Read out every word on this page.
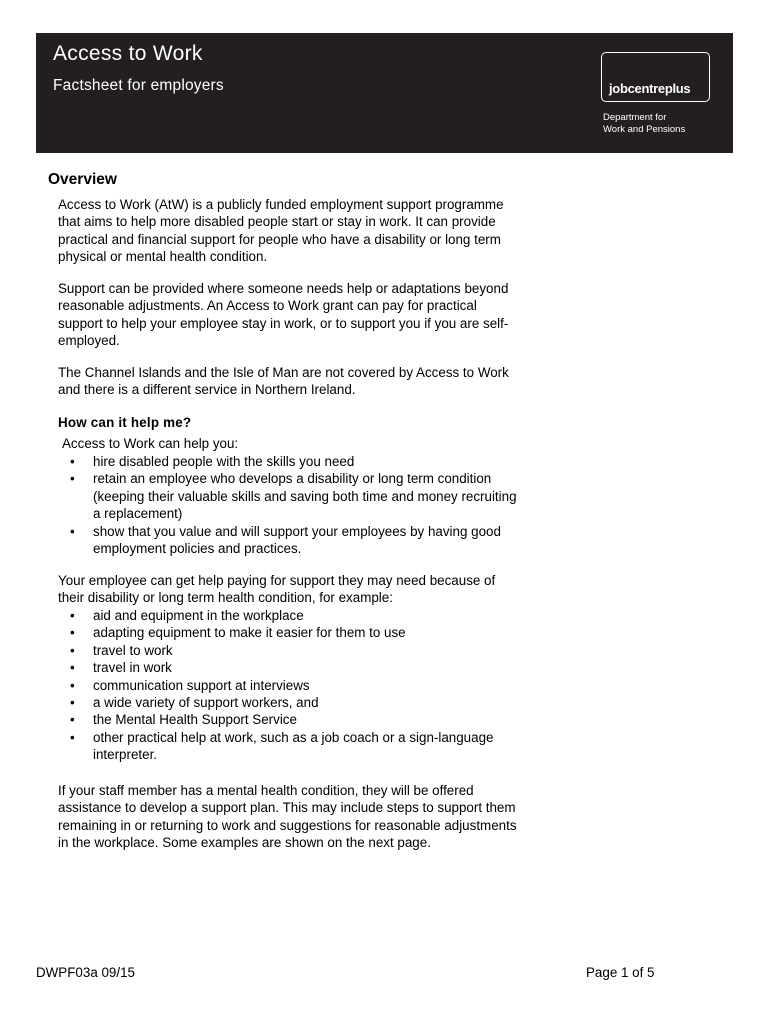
Access to Work
Factsheet for employers	jobcentreplus
Department for
Work and Pensions
Overview

Access to Work (AtW) is a publicly funded employment support programme
that aims to help more disabled people start or stay in work. It can provide
practical and financial support for people who have a disability or long term
physical or mental health condition.

Support can be provided where someone needs help or adaptations beyond
reasonable adjustments. An Access to Work grant can pay for practical
support to help your employee stay in work, or to support you if you are self-
employed.

The Channel Islands and the Isle of Man are not covered by Access to Work
and there is a different service in Northern Ireland.

How can it help me?

Access to Work can help you:

• hire disabled people with the skills you need
• retain an employee who develops a disability or long term condition
(keeping their valuable skills and saving both time and money recruiting
a replacement)
• show that you value and will support your employees by having good
employment policies and practices.

Your employee can get help paying for support they may need because of
their disability or long term health condition, for example:

• aid and equipment in the workplace
• adapting equipment to make it easier for them to use
• travel to work
• travel in work
• communication support at interviews
• a wide variety of support workers, and
• the Mental Health Support Service
• other practical help at work, such as a job coach or a sign-language
interpreter.

If your staff member has a mental health condition, they will be offered
assistance to develop a support plan. This may include steps to support them
remaining in or returning to work and suggestions for reasonable adjustments
in the workplace. Some examples are shown on the next page.

DWPF03a 09/15	Page 1 of 5
